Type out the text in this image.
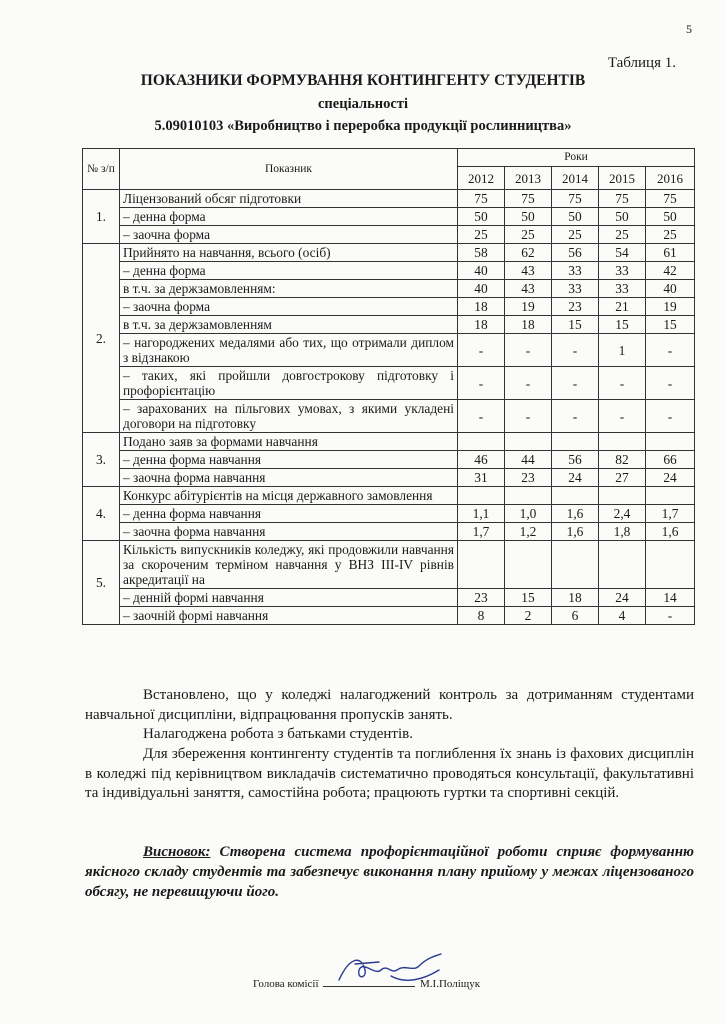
5
Таблиця 1.
ПОКАЗНИКИ ФОРМУВАННЯ КОНТИНГЕНТУ СТУДЕНТІВ
спеціальності
5.09010103 «Виробництво і переробка продукції рослинництва»
№ з/п	Показник	Роки				
		2012	2013	2014	2015	2016
1.	Ліцензований обсяг підготовки	75	75	75	75	75
	– денна форма	50	50	50	50	50
	– заочна форма	25	25	25	25	25
2.	Прийнято на навчання, всього (осіб)	58	62	56	54	61
	– денна форма	40	43	33	33	42
	в т.ч. за держзамовленням:	40	43	33	33	40
	– заочна форма	18	19	23	21	19
	в т.ч. за держзамовленням	18	18	15	15	15
	– нагороджених медалями або тих, що отримали диплом з відзнакою	-	-	-	1	-
	– таких, які пройшли довгострокову підготовку і профорієнтацію	-	-	-	-	-
	– зарахованих на пільгових умовах, з якими укладені договори на підготовку	-	-	-	-	-
3.	Подано заяв за формами навчання					
	– денна форма навчання	46	44	56	82	66
	– заочна форма навчання	31	23	24	27	24
4.	Конкурс абітурієнтів на місця державного замовлення					
	– денна форма навчання	1,1	1,0	1,6	2,4	1,7
	– заочна форма навчання	1,7	1,2	1,6	1,8	1,6
5.	Кількість випускників коледжу, які продовжили навчання за скороченим терміном навчання у ВНЗ III-IV рівнів акредитації на					
	– денній формі навчання	23	15	18	24	14
	– заочній формі навчання	8	2	6	4	-
Встановлено, що у коледжі налагоджений контроль за дотриманням студентами навчальної дисципліни, відпрацювання пропусків занять.
Налагоджена робота з батьками студентів.
Для збереження контингенту студентів та поглиблення їх знань із фахових дисциплін в коледжі під керівництвом викладачів систематично проводяться консультації, факультативні та індивідуальні заняття, самостійна робота; працюють гуртки та спортивні секцій.
Висновок: Створена система профорієнтаційної роботи сприяє формуванню якісного складу студентів та забезпечує виконання плану прийому у межах ліцензованого обсягу, не перевищуючи його.
Голова комісії	М.І.Поліщук
